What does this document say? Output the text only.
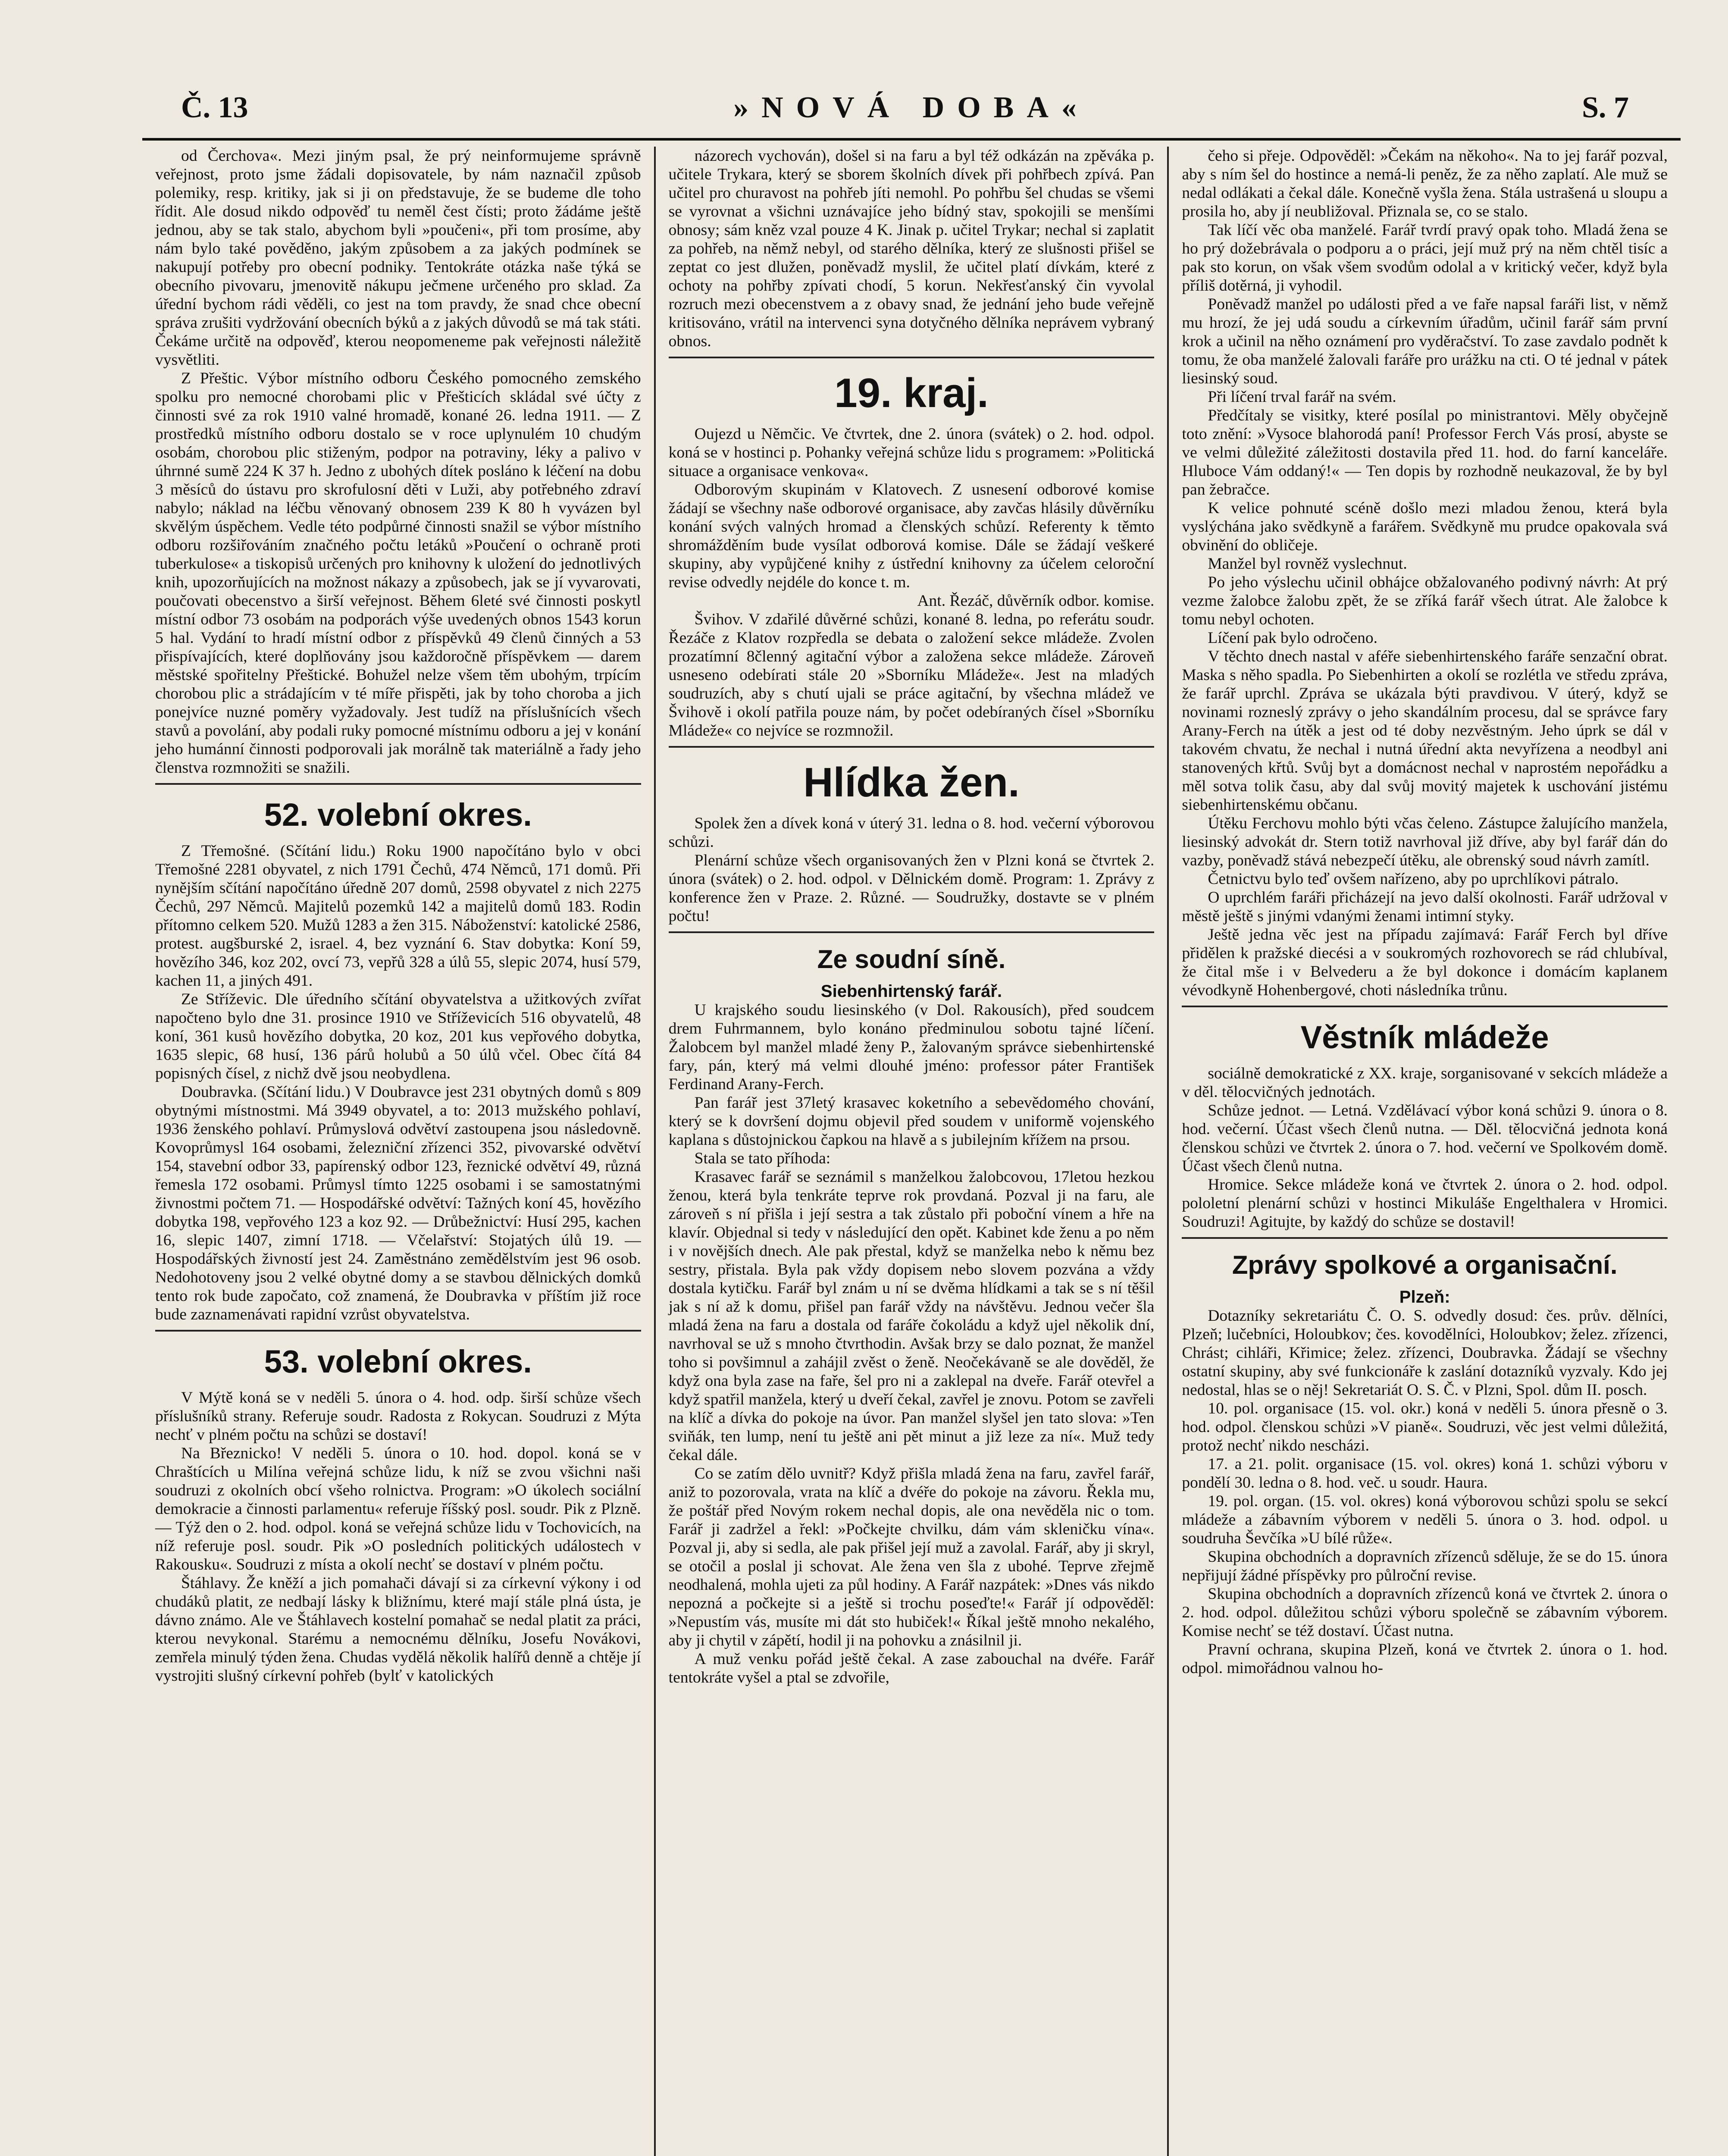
Č. 13	»NOVÁ DOBA«	S. 7

od Čerchova«. Mezi jiným psal, že prý neinformujeme správně veřejnost, proto jsme žádali dopisovatele, by nám naznačil způsob polemiky, resp. kritiky, jak si ji on představuje, že se budeme dle toho řídit. Ale dosud nikdo odpověď tu neměl čest čísti; proto žádáme ještě jednou, aby se tak stalo, abychom byli »poučeni«, při tom prosíme, aby nám bylo také pověděno, jakým způsobem a za jakých podmínek se nakupují potřeby pro obecní podniky. Tentokráte otázka naše týká se obecního pivovaru, jmenovitě nákupu ječmene určeného pro sklad. Za úřední bychom rádi věděli, co jest na tom pravdy, že snad chce obecní správa zrušiti vydržování obecních býků a z jakých důvodů se má tak státi. Čekáme určitě na odpověď, kterou neopomeneme pak veřejnosti náležitě vysvětliti.

Z Přeštic. Výbor místního odboru Českého pomocného zemského spolku pro nemocné chorobami plic v Přešticích skládal své účty z činnosti své za rok 1910 valné hromadě, konané 26. ledna 1911. — Z prostředků místního odboru dostalo se v roce uplynulém 10 chudým osobám, chorobou plic stiženým, podpor na potraviny, léky a palivo v úhrnné sumě 224 K 37 h. Jedno z ubohých dítek posláno k léčení na dobu 3 měsíců do ústavu pro skrofulosní děti v Luži, aby potřebného zdraví nabylo; náklad na léčbu věnovaný obnosem 239 K 80 h vyvázen byl skvělým úspěchem. Vedle této podpůrné činnosti snažil se výbor místního odboru rozšiřováním značného počtu letáků »Poučení o ochraně proti tuberkulose« a tiskopisů určených pro knihovny k uložení do jednotlivých knih, upozorňujících na možnost nákazy a způsobech, jak se jí vyvarovati, poučovati obecenstvo a širší veřejnost. Během 6leté své činnosti poskytl místní odbor 73 osobám na podporách výše uvedených obnos 1543 korun 5 hal. Vydání to hradí místní odbor z příspěvků 49 členů činných a 53 přispívajících, které doplňovány jsou každoročně příspěvkem — darem městské spořitelny Přeštické. Bohužel nelze všem těm ubohým, trpícím chorobou plic a strádajícím v té míře přispěti, jak by toho choroba a jich ponejvíce nuzné poměry vyžadovaly. Jest tudíž na příslušnících všech stavů a povolání, aby podali ruky pomocné místnímu odboru a jej v konání jeho humánní činnosti podporovali jak morálně tak materiálně a řady jeho členstva rozmnožiti se snažili.

52. volební okres.

Z Třemošné. (Sčítání lidu.) Roku 1900 napočítáno bylo v obci Třemošné 2281 obyvatel, z nich 1791 Čechů, 474 Němců, 171 domů. Při nynějším sčítání napočítáno úředně 207 domů, 2598 obyvatel z nich 2275 Čechů, 297 Němců. Majitelů pozemků 142 a majitelů domů 183. Rodin přítomno celkem 520. Mužů 1283 a žen 315. Náboženství: katolické 2586, protest. augšburské 2, israel. 4, bez vyznání 6. Stav dobytka: Koní 59, hovězího 346, koz 202, ovcí 73, vepřů 328 a úlů 55, slepic 2074, husí 579, kachen 11, a jiných 491.

Ze Stříževic. Dle úředního sčítání obyvatelstva a užitkových zvířat napočteno bylo dne 31. prosince 1910 ve Stříževicích 516 obyvatelů, 48 koní, 361 kusů hovězího dobytka, 20 koz, 201 kus vepřového dobytka, 1635 slepic, 68 husí, 136 párů holubů a 50 úlů včel. Obec čítá 84 popisných čísel, z nichž dvě jsou neobydlena.

Doubravka. (Sčítání lidu.) V Doubravce jest 231 obytných domů s 809 obytnými místnostmi. Má 3949 obyvatel, a to: 2013 mužského pohlaví, 1936 ženského pohlaví. Průmyslová odvětví zastoupena jsou následovně. Kovoprůmysl 164 osobami, železniční zřízenci 352, pivovarské odvětví 154, stavební odbor 33, papírenský odbor 123, řeznické odvětví 49, různá řemesla 172 osobami. Průmysl tímto 1225 osobami i se samostatnými živnostmi počtem 71. — Hospodářské odvětví: Tažných koní 45, hovězího dobytka 198, vepřového 123 a koz 92. — Drůbežnictví: Husí 295, kachen 16, slepic 1407, zimní 1718. — Včelařství: Stojatých úlů 19. — Hospodářských živností jest 24. Zaměstnáno zemědělstvím jest 96 osob. Nedohotoveny jsou 2 velké obytné domy a se stavbou dělnických domků tento rok bude započato, což znamená, že Doubravka v příštím již roce bude zaznamenávati rapidní vzrůst obyvatelstva.

53. volební okres.

V Mýtě koná se v neděli 5. února o 4. hod. odp. širší schůze všech příslušníků strany. Referuje soudr. Radosta z Rokycan. Soudruzi z Mýta nechť v plném počtu na schůzi se dostaví!

Na Březnicko! V neděli 5. února o 10. hod. dopol. koná se v Chraštících u Milína veřejná schůze lidu, k níž se zvou všichni naši soudruzi z okolních obcí všeho rolnictva. Program: »O úkolech sociální demokracie a činnosti parlamentu« referuje říšský posl. soudr. Pik z Plzně. — Týž den o 2. hod. odpol. koná se veřejná schůze lidu v Tochovicích, na níž referuje posl. soudr. Pik »O posledních politických událostech v Rakousku«. Soudruzi z místa a okolí nechť se dostaví v plném počtu.

Štáhlavy. Že kněží a jich pomahači dávají si za církevní výkony i od chudáků platit, ze nedbají lásky k bližnímu, které mají stále plná ústa, je dávno známo. Ale ve Štáhlavech kostelní pomahač se nedal platit za práci, kterou nevykonal. Starému a nemocnému dělníku, Josefu Novákovi, zemřela minulý týden žena. Chudas vydělá několik halířů denně a chtěje jí vystrojiti slušný církevní pohřeb (bylť v katolických

názorech vychován), došel si na faru a byl též odkázán na zpěváka p. učitele Trykara, který se sborem školních dívek při pohřbech zpívá. Pan učitel pro churavost na pohřeb jíti nemohl. Po pohřbu šel chudas se všemi se vyrovnat a všichni uznávajíce jeho bídný stav, spokojili se menšími obnosy; sám kněz vzal pouze 4 K. Jinak p. učitel Trykar; nechal si zaplatit za pohřeb, na němž nebyl, od starého dělníka, který ze slušnosti přišel se zeptat co jest dlužen, poněvadž myslil, že učitel platí dívkám, které z ochoty na pohřby zpívati chodí, 5 korun. Nekřesťanský čin vyvolal rozruch mezi obecenstvem a z obavy snad, že jednání jeho bude veřejně kritisováno, vrátil na intervenci syna dotyčného dělníka neprávem vybraný obnos.

19. kraj.

Oujezd u Němčic. Ve čtvrtek, dne 2. února (svátek) o 2. hod. odpol. koná se v hostinci p. Pohanky veřejná schůze lidu s programem: »Politická situace a organisace venkova«.

Odborovým skupinám v Klatovech. Z usnesení odborové komise žádají se všechny naše odborové organisace, aby zavčas hlásily důvěrníku konání svých valných hromad a členských schůzí. Referenty k těmto shromážděním bude vysílat odborová komise. Dále se žádají veškeré skupiny, aby vypůjčené knihy z ústřední knihovny za účelem celoroční revise odvedly nejdéle do konce t. m.

Ant. Řezáč, důvěrník odbor. komise.

Švihov. V zdařilé důvěrné schůzi, konané 8. ledna, po referátu soudr. Řezáče z Klatov rozpředla se debata o založení sekce mládeže. Zvolen prozatímní 8členný agitační výbor a založena sekce mládeže. Zároveň usneseno odebírati stále 20 »Sborníku Mládeže«. Jest na mladých soudruzích, aby s chutí ujali se práce agitační, by všechna mládež ve Švihově i okolí patřila pouze nám, by počet odebíraných čísel »Sborníku Mládeže« co nejvíce se rozmnožil.

Hlídka žen.

Spolek žen a dívek koná v úterý 31. ledna o 8. hod. večerní výborovou schůzi.

Plenární schůze všech organisovaných žen v Plzni koná se čtvrtek 2. února (svátek) o 2. hod. odpol. v Dělnickém domě. Program: 1. Zprávy z konference žen v Praze. 2. Různé. — Soudružky, dostavte se v plném počtu!

Ze soudní síně.
Siebenhirtenský farář.

U krajského soudu liesinského (v Dol. Rakousích), před soudcem drem Fuhrmannem, bylo konáno předminulou sobotu tajné líčení. Žalobcem byl manžel mladé ženy P., žalovaným správce siebenhirtenské fary, pán, který má velmi dlouhé jméno: professor páter František Ferdinand Arany-Ferch.

Pan farář jest 37letý krasavec koketního a sebevědomého chování, který se k dovršení dojmu objevil před soudem v uniformě vojenského kaplana s důstojnickou čapkou na hlavě a s jubilejním křížem na prsou.

Stala se tato příhoda:

Krasavec farář se seznámil s manželkou žalobcovou, 17letou hezkou ženou, která byla tenkráte teprve rok provdaná. Pozval ji na faru, ale zároveň s ní přišla i její sestra a tak zůstalo při poboční vínem a hře na klavír. Objednal si tedy v následující den opět. Kabinet kde ženu a po něm i v novějších dnech. Ale pak přestal, když se manželka nebo k němu bez sestry, přistala. Byla pak vždy dopisem nebo slovem pozvána a vždy dostala kytičku. Farář byl znám u ní se dvěma hlídkami a tak se s ní těšil jak s ní až k domu, přišel pan farář vždy na návštěvu. Jednou večer šla mladá žena na faru a dostala od faráře čokoládu a když ujel několik dní, navrhoval se už s mnoho čtvrthodin. Avšak brzy se dalo poznat, že manžel toho si povšimnul a zahájil zvěst o ženě. Neočekávaně se ale dověděl, že když ona byla zase na faře, šel pro ni a zaklepal na dveře. Farář otevřel a když spatřil manžela, který u dveří čekal, zavřel je znovu. Potom se zavřeli na klíč a dívka do pokoje na úvor. Pan manžel slyšel jen tato slova: »Ten sviňák, ten lump, není tu ještě ani pět minut a již leze za ní«. Muž tedy čekal dále.

Co se zatím dělo uvnitř? Když přišla mladá žena na faru, zavřel farář, aniž to pozorovala, vrata na klíč a dvéře do pokoje na závoru. Řekla mu, že poštář před Novým rokem nechal dopis, ale ona nevěděla nic o tom. Farář ji zadržel a řekl: »Počkejte chvilku, dám vám skleničku vína«. Pozval ji, aby si sedla, ale pak přišel její muž a zavolal. Farář, aby ji skryl, se otočil a poslal ji schovat. Ale žena ven šla z ubohé. Teprve zřejmě neodhalená, mohla ujeti za půl hodiny. A Farář nazpátek: »Dnes vás nikdo nepozná a počkejte si a ještě si trochu poseďte!« Farář jí odpověděl: »Nepustím vás, musíte mi dát sto hubiček!« Říkal ještě mnoho nekalého, aby ji chytil v zápětí, hodil ji na pohovku a znásilnil ji.

A muž venku pořád ještě čekal. A zase zabouchal na dvéře. Farář tentokráte vyšel a ptal se zdvořile,

čeho si přeje. Odpověděl: »Čekám na někoho«. Na to jej farář pozval, aby s ním šel do hostince a nemá-li peněz, že za něho zaplatí. Ale muž se nedal odlákati a čekal dále. Konečně vyšla žena. Stála ustrašená u sloupu a prosila ho, aby jí neubližoval. Přiznala se, co se stalo.

Tak líčí věc oba manželé. Farář tvrdí pravý opak toho. Mladá žena se ho prý dožebrávala o podporu a o práci, její muž prý na něm chtěl tisíc a pak sto korun, on však všem svodům odolal a v kritický večer, když byla příliš dotěrná, ji vyhodil.

Poněvadž manžel po události před a ve faře napsal faráři list, v němž mu hrozí, že jej udá soudu a církevním úřadům, učinil farář sám první krok a učinil na něho oznámení pro vyděračství. To zase zavdalo podnět k tomu, že oba manželé žalovali faráře pro urážku na cti. O té jednal v pátek liesinský soud.

Při líčení trval farář na svém.

Předčítaly se visitky, které posílal po ministrantovi. Měly obyčejně toto znění: »Vysoce blahorodá paní! Professor Ferch Vás prosí, abyste se ve velmi důležité záležitosti dostavila před 11. hod. do farní kanceláře. Hluboce Vám oddaný!« — Ten dopis by rozhodně neukazoval, že by byl pan žebračce.

K velice pohnuté scéně došlo mezi mladou ženou, která byla vyslýchána jako svědkyně a farářem. Svědkyně mu prudce opakovala svá obvinění do obličeje.

Manžel byl rovněž vyslechnut.

Po jeho výslechu učinil obhájce obžalovaného podivný návrh: At prý vezme žalobce žalobu zpět, že se zříká farář všech útrat. Ale žalobce k tomu nebyl ochoten.

Líčení pak bylo odročeno.

V těchto dnech nastal v aféře siebenhirtenského faráře senzační obrat. Maska s něho spadla. Po Siebenhirten a okolí se rozlétla ve středu zpráva, že farář uprchl. Zpráva se ukázala býti pravdivou. V úterý, když se novinami rozneslý zprávy o jeho skandálním procesu, dal se správce fary Arany-Ferch na útěk a jest od té doby nezvěstným. Jeho úprk se dál v takovém chvatu, že nechal i nutná úřední akta nevyřízena a neodbyl ani stanovených křtů. Svůj byt a domácnost nechal v naprostém nepořádku a měl sotva tolik času, aby dal svůj movitý majetek k uschování jistému siebenhirtenskému občanu.

Útěku Ferchovu mohlo býti včas čeleno. Zástupce žalujícího manžela, liesinský advokát dr. Stern totiž navrhoval již dříve, aby byl farář dán do vazby, poněvadž stává nebezpečí útěku, ale obrenský soud návrh zamítl.

Četnictvu bylo teď ovšem nařízeno, aby po uprchlíkovi pátralo.

O uprchlém faráři přicházejí na jevo další okolnosti. Farář udržoval v městě ještě s jinými vdanými ženami intimní styky.

Ještě jedna věc jest na případu zajímavá: Farář Ferch byl dříve přidělen k pražské diecési a v soukromých rozhovorech se rád chlubíval, že čital mše i v Belvederu a že byl dokonce i domácím kaplanem vévodkyně Hohenbergové, choti následníka trůnu.

Věstník mládeže

sociálně demokratické z XX. kraje, sorganisované v sekcích mládeže a v děl. tělocvičných jednotách.

Schůze jednot. — Letná. Vzdělávací výbor koná schůzi 9. února o 8. hod. večerní. Účast všech členů nutna. — Děl. tělocvičná jednota koná členskou schůzi ve čtvrtek 2. února o 7. hod. večerní ve Spolkovém domě. Účast všech členů nutna.

Hromice. Sekce mládeže koná ve čtvrtek 2. února o 2. hod. odpol. pololetní plenární schůzi v hostinci Mikuláše Engelthalera v Hromici. Soudruzi! Agitujte, by každý do schůze se dostavil!

Zprávy spolkové a organisační.
Plzeň:

Dotazníky sekretariátu Č. O. S. odvedly dosud: čes. prův. dělníci, Plzeň; lučebníci, Holoubkov; čes. kovodělníci, Holoubkov; želez. zřízenci, Chrást; cihláři, Křimice; želez. zřízenci, Doubravka. Žádají se všechny ostatní skupiny, aby své funkcionáře k zaslání dotazníků vyzvaly. Kdo jej nedostal, hlas se o něj! Sekretariát O. S. Č. v Plzni, Spol. dům II. posch.

10. pol. organisace (15. vol. okr.) koná v neděli 5. února přesně o 3. hod. odpol. členskou schůzi »V pianě«. Soudruzi, věc jest velmi důležitá, protož nechť nikdo nescházi.

17. a 21. polit. organisace (15. vol. okres) koná 1. schůzi výboru v pondělí 30. ledna o 8. hod. več. u soudr. Haura.

19. pol. organ. (15. vol. okres) koná výborovou schůzi spolu se sekcí mládeže a zábavním výborem v neděli 5. února o 3. hod. odpol. u soudruha Ševčíka »U bílé růže«.

Skupina obchodních a dopravních zřízenců sděluje, že se do 15. února nepřijují žádné příspěvky pro půlroční revise.

Skupina obchodních a dopravních zřízenců koná ve čtvrtek 2. února o 2. hod. odpol. důležitou schůzi výboru společně se zábavním výborem. Komise nechť se též dostaví. Účast nutna.

Pravní ochrana, skupina Plzeň, koná ve čtvrtek 2. února o 1. hod. odpol. mimořádnou valnou ho-
